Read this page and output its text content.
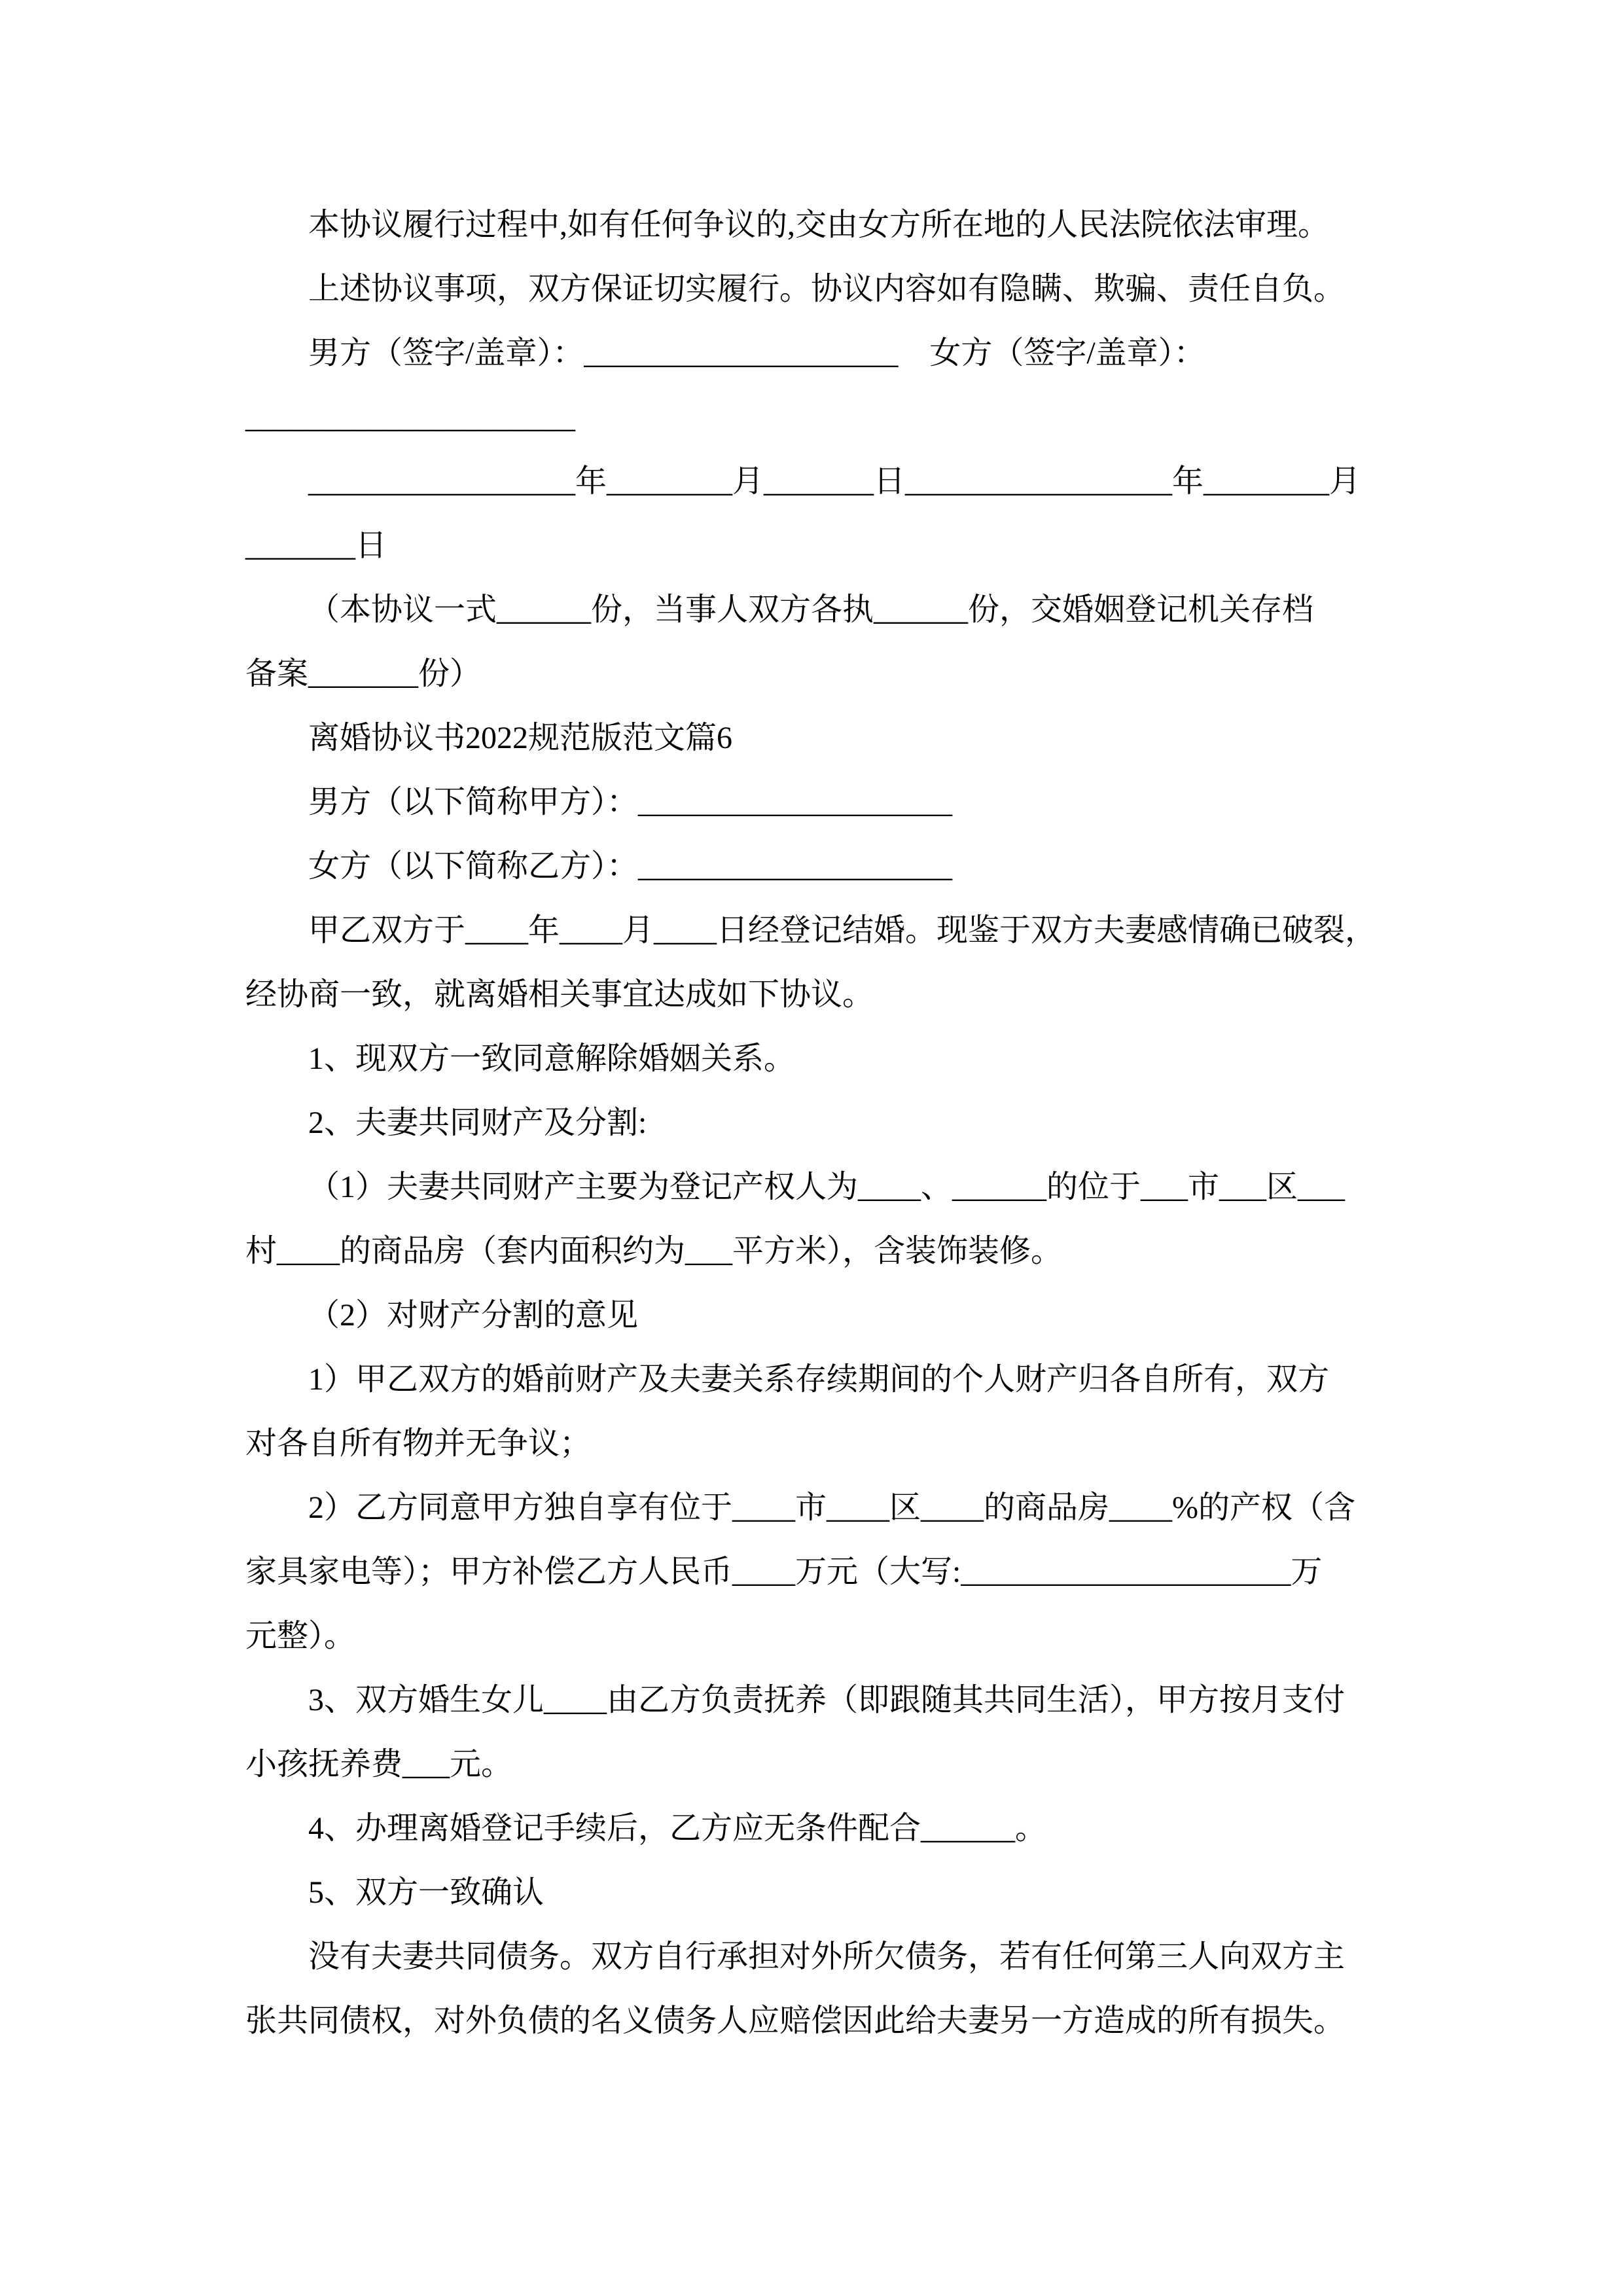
本协议履行过程中,如有任何争议的,交由女方所在地的人民法院依法审理。

上述协议事项，双方保证切实履行。协议内容如有隐瞒、欺骗、责任自负。

男方（签字/盖章）：____________________　女方（签字/盖章）：

_____________________

_________________年________月_______日_________________年________月

_______日

（本协议一式______份，当事人双方各执______份，交婚姻登记机关存档

备案_______份）

离婚协议书2022规范版范文篇6

男方（以下简称甲方）：____________________

女方（以下简称乙方）：____________________

甲乙双方于____年____月____日经登记结婚。现鉴于双方夫妻感情确已破裂，

经协商一致，就离婚相关事宜达成如下协议。

1、现双方一致同意解除婚姻关系。

2、夫妻共同财产及分割:

（1）夫妻共同财产主要为登记产权人为____、______的位于___市___区___

村____的商品房（套内面积约为___平方米），含装饰装修。

（2）对财产分割的意见

1）甲乙双方的婚前财产及夫妻关系存续期间的个人财产归各自所有，双方

对各自所有物并无争议；

2）乙方同意甲方独自享有位于____市____区____的商品房____%的产权（含

家具家电等）；甲方补偿乙方人民币____万元（大写:_____________________万

元整）。

3、双方婚生女儿____由乙方负责抚养（即跟随其共同生活），甲方按月支付

小孩抚养费___元。

4、办理离婚登记手续后，乙方应无条件配合______。

5、双方一致确认

没有夫妻共同债务。双方自行承担对外所欠债务，若有任何第三人向双方主

张共同债权，对外负债的名义债务人应赔偿因此给夫妻另一方造成的所有损失。
